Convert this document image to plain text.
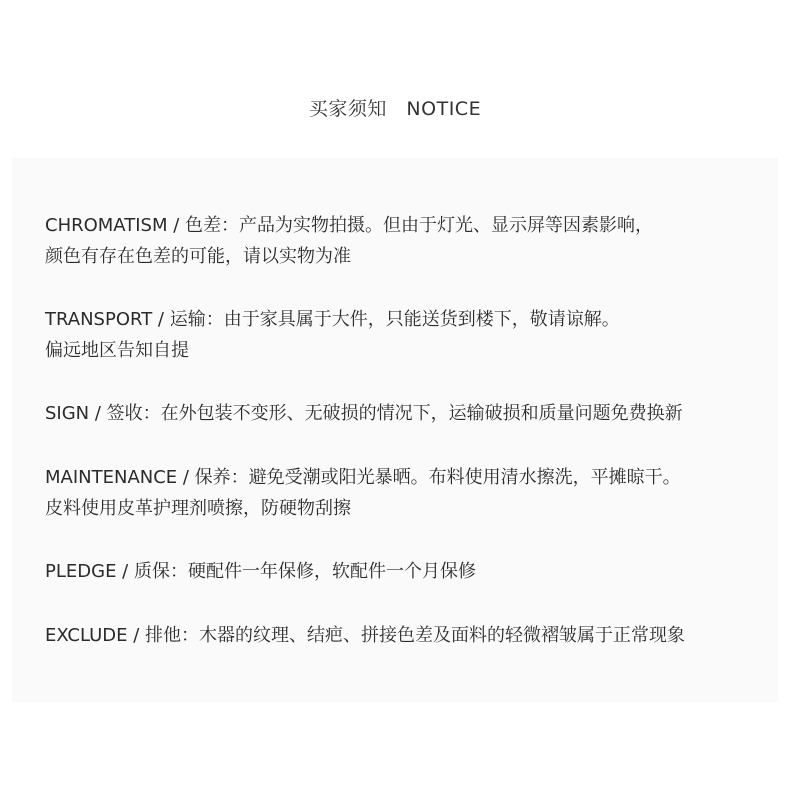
买家须知　NOTICE
CHROMATISM / 色差：产品为实物拍摄。但由于灯光、显示屏等因素影响，
颜色有存在色差的可能，请以实物为准
TRANSPORT / 运输：由于家具属于大件，只能送货到楼下，敬请谅解。
偏远地区告知自提
SIGN / 签收：在外包装不变形、无破损的情况下，运输破损和质量问题免费换新
MAINTENANCE / 保养：避免受潮或阳光暴晒。布料使用清水擦洗，平摊晾干。
皮料使用皮革护理剂喷擦，防硬物刮擦
PLEDGE / 质保：硬配件一年保修，软配件一个月保修
EXCLUDE / 排他：木器的纹理、结疤、拼接色差及面料的轻微褶皱属于正常现象
